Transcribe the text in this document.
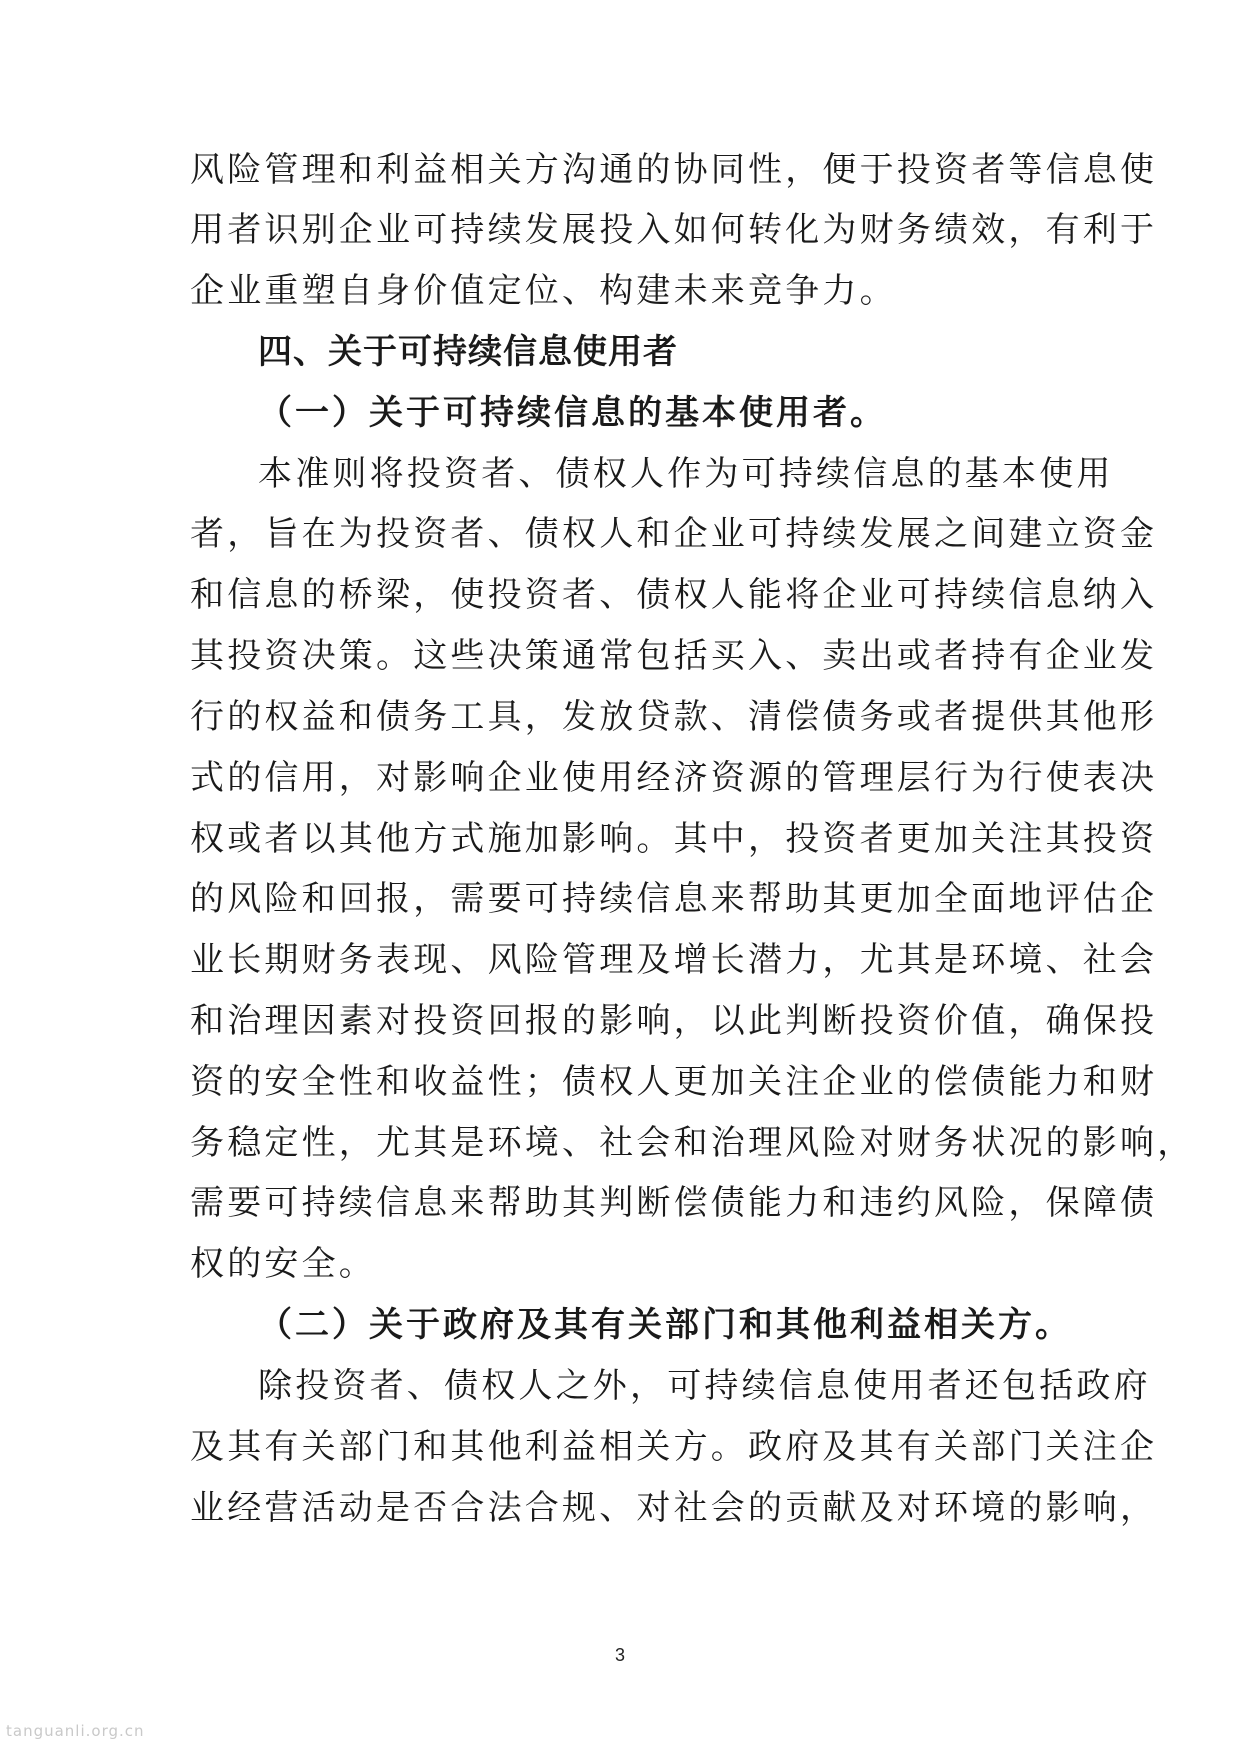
风险管理和利益相关方沟通的协同性，便于投资者等信息使
用者识别企业可持续发展投入如何转化为财务绩效，有利于
企业重塑自身价值定位、构建未来竞争力。
四、关于可持续信息使用者
（一）关于可持续信息的基本使用者。
本准则将投资者、债权人作为可持续信息的基本使用
者，旨在为投资者、债权人和企业可持续发展之间建立资金
和信息的桥梁，使投资者、债权人能将企业可持续信息纳入
其投资决策。这些决策通常包括买入、卖出或者持有企业发
行的权益和债务工具，发放贷款、清偿债务或者提供其他形
式的信用，对影响企业使用经济资源的管理层行为行使表决
权或者以其他方式施加影响。其中，投资者更加关注其投资
的风险和回报，需要可持续信息来帮助其更加全面地评估企
业长期财务表现、风险管理及增长潜力，尤其是环境、社会
和治理因素对投资回报的影响，以此判断投资价值，确保投
资的安全性和收益性；债权人更加关注企业的偿债能力和财
务稳定性，尤其是环境、社会和治理风险对财务状况的影响，
需要可持续信息来帮助其判断偿债能力和违约风险，保障债
权的安全。
（二）关于政府及其有关部门和其他利益相关方。
除投资者、债权人之外，可持续信息使用者还包括政府
及其有关部门和其他利益相关方。政府及其有关部门关注企
业经营活动是否合法合规、对社会的贡献及对环境的影响，
3
tanguanli.org.cn
